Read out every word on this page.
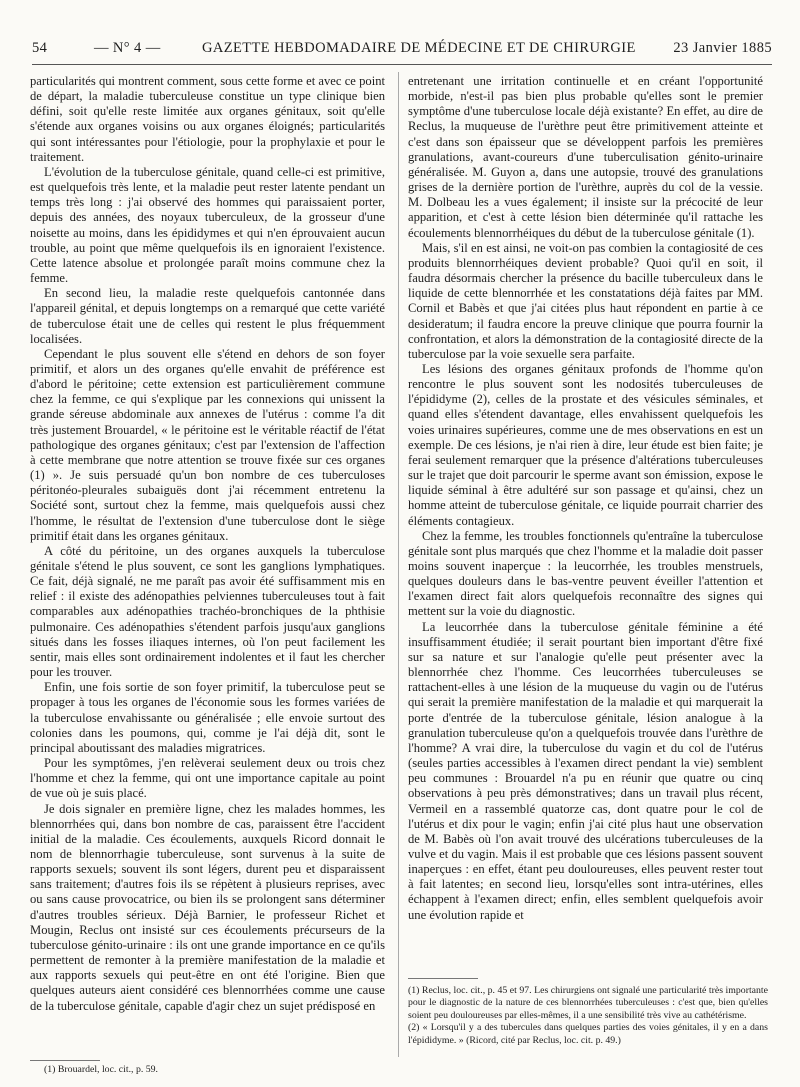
54	— N° 4 —	GAZETTE HEBDOMADAIRE DE MÉDECINE ET DE CHIRURGIE	23 Janvier 1885

particularités qui montrent comment, sous cette forme et avec ce point de départ, la maladie tuberculeuse constitue un type clinique bien défini, soit qu'elle reste limitée aux organes génitaux, soit qu'elle s'étende aux organes voisins ou aux organes éloignés; particularités qui sont intéressantes pour l'étiologie, pour la prophylaxie et pour le traitement.

L'évolution de la tuberculose génitale, quand celle-ci est primitive, est quelquefois très lente, et la maladie peut rester latente pendant un temps très long : j'ai observé des hommes qui paraissaient porter, depuis des années, des noyaux tuberculeux, de la grosseur d'une noisette au moins, dans les épididymes et qui n'en éprouvaient aucun trouble, au point que même quelquefois ils en ignoraient l'existence. Cette latence absolue et prolongée paraît moins commune chez la femme.

En second lieu, la maladie reste quelquefois cantonnée dans l'appareil génital, et depuis longtemps on a remarqué que cette variété de tuberculose était une de celles qui restent le plus fréquemment localisées.

Cependant le plus souvent elle s'étend en dehors de son foyer primitif, et alors un des organes qu'elle envahit de préférence est d'abord le péritoine; cette extension est particulièrement commune chez la femme, ce qui s'explique par les connexions qui unissent la grande séreuse abdominale aux annexes de l'utérus : comme l'a dit très justement Brouardel, « le péritoine est le véritable réactif de l'état pathologique des organes génitaux; c'est par l'extension de l'affection à cette membrane que notre attention se trouve fixée sur ces organes (1) ». Je suis persuadé qu'un bon nombre de ces tuberculoses péritonéo-pleurales subaiguës dont j'ai récemment entretenu la Société sont, surtout chez la femme, mais quelquefois aussi chez l'homme, le résultat de l'extension d'une tuberculose dont le siège primitif était dans les organes génitaux.

A côté du péritoine, un des organes auxquels la tuberculose génitale s'étend le plus souvent, ce sont les ganglions lymphatiques. Ce fait, déjà signalé, ne me paraît pas avoir été suffisamment mis en relief : il existe des adénopathies pelviennes tuberculeuses tout à fait comparables aux adénopathies trachéo-bronchiques de la phthisie pulmonaire. Ces adénopathies s'étendent parfois jusqu'aux ganglions situés dans les fosses iliaques internes, où l'on peut facilement les sentir, mais elles sont ordinairement indolentes et il faut les chercher pour les trouver.

Enfin, une fois sortie de son foyer primitif, la tuberculose peut se propager à tous les organes de l'économie sous les formes variées de la tuberculose envahissante ou généralisée ; elle envoie surtout des colonies dans les poumons, qui, comme je l'ai déjà dit, sont le principal aboutissant des maladies migratrices.

Pour les symptômes, j'en relèverai seulement deux ou trois chez l'homme et chez la femme, qui ont une importance capitale au point de vue où je suis placé.

Je dois signaler en première ligne, chez les malades hommes, les blennorrhées qui, dans bon nombre de cas, paraissent être l'accident initial de la maladie. Ces écoulements, auxquels Ricord donnait le nom de blennorrhagie tuberculeuse, sont survenus à la suite de rapports sexuels; souvent ils sont légers, durent peu et disparaissent sans traitement; d'autres fois ils se répètent à plusieurs reprises, avec ou sans cause provocatrice, ou bien ils se prolongent sans déterminer d'autres troubles sérieux. Déjà Barnier, le professeur Richet et Mougin, Reclus ont insisté sur ces écoulements précurseurs de la tuberculose génito-urinaire : ils ont une grande importance en ce qu'ils permettent de remonter à la première manifestation de la maladie et aux rapports sexuels qui peut-être en ont été l'origine. Bien que quelques auteurs aient considéré ces blennorrhées comme une cause de la tuberculose génitale, capable d'agir chez un sujet prédisposé en

entretenant une irritation continuelle et en créant l'opportunité morbide, n'est-il pas bien plus probable qu'elles sont le premier symptôme d'une tuberculose locale déjà existante? En effet, au dire de Reclus, la muqueuse de l'urèthre peut être primitivement atteinte et c'est dans son épaisseur que se développent parfois les premières granulations, avant-coureurs d'une tuberculisation génito-urinaire généralisée. M. Guyon a, dans une autopsie, trouvé des granulations grises de la dernière portion de l'urèthre, auprès du col de la vessie. M. Dolbeau les a vues également; il insiste sur la précocité de leur apparition, et c'est à cette lésion bien déterminée qu'il rattache les écoulements blennorrhéiques du début de la tuberculose génitale (1).

Mais, s'il en est ainsi, ne voit-on pas combien la contagiosité de ces produits blennorrhéiques devient probable? Quoi qu'il en soit, il faudra désormais chercher la présence du bacille tuberculeux dans le liquide de cette blennorrhée et les constatations déjà faites par MM. Cornil et Babès et que j'ai citées plus haut répondent en partie à ce desideratum; il faudra encore la preuve clinique que pourra fournir la confrontation, et alors la démonstration de la contagiosité directe de la tuberculose par la voie sexuelle sera parfaite.

Les lésions des organes génitaux profonds de l'homme qu'on rencontre le plus souvent sont les nodosités tuberculeuses de l'épididyme (2), celles de la prostate et des vésicules séminales, et quand elles s'étendent davantage, elles envahissent quelquefois les voies urinaires supérieures, comme une de mes observations en est un exemple. De ces lésions, je n'ai rien à dire, leur étude est bien faite; je ferai seulement remarquer que la présence d'altérations tuberculeuses sur le trajet que doit parcourir le sperme avant son émission, expose le liquide séminal à être adultéré sur son passage et qu'ainsi, chez un homme atteint de tuberculose génitale, ce liquide pourrait charrier des éléments contagieux.

Chez la femme, les troubles fonctionnels qu'entraîne la tuberculose génitale sont plus marqués que chez l'homme et la maladie doit passer moins souvent inaperçue : la leucorrhée, les troubles menstruels, quelques douleurs dans le bas-ventre peuvent éveiller l'attention et l'examen direct fait alors quelquefois reconnaître des signes qui mettent sur la voie du diagnostic.

La leucorrhée dans la tuberculose génitale féminine a été insuffisamment étudiée; il serait pourtant bien important d'être fixé sur sa nature et sur l'analogie qu'elle peut présenter avec la blennorrhée chez l'homme. Ces leucorrhées tuberculeuses se rattachent-elles à une lésion de la muqueuse du vagin ou de l'utérus qui serait la première manifestation de la maladie et qui marquerait la porte d'entrée de la tuberculose génitale, lésion analogue à la granulation tuberculeuse qu'on a quelquefois trouvée dans l'urèthre de l'homme? A vrai dire, la tuberculose du vagin et du col de l'utérus (seules parties accessibles à l'examen direct pendant la vie) semblent peu communes : Brouardel n'a pu en réunir que quatre ou cinq observations à peu près démonstratives; dans un travail plus récent, Vermeil en a rassemblé quatorze cas, dont quatre pour le col de l'utérus et dix pour le vagin; enfin j'ai cité plus haut une observation de M. Babès où l'on avait trouvé des ulcérations tuberculeuses de la vulve et du vagin. Mais il est probable que ces lésions passent souvent inaperçues : en effet, étant peu douloureuses, elles peuvent rester tout à fait latentes; en second lieu, lorsqu'elles sont intra-utérines, elles échappent à l'examen direct; enfin, elles semblent quelquefois avoir une évolution rapide et

(1) Brouardel, loc. cit., p. 59.

(1) Reclus, loc. cit., p. 45 et 97. Les chirurgiens ont signalé une particularité très importante pour le diagnostic de la nature de ces blennorrhées tuberculeuses : c'est que, bien qu'elles soient peu douloureuses par elles-mêmes, il a une sensibilité très vive au cathétérisme.

(2) « Lorsqu'il y a des tubercules dans quelques parties des voies génitales, il y en a dans l'épididyme. » (Ricord, cité par Reclus, loc. cit. p. 49.)
